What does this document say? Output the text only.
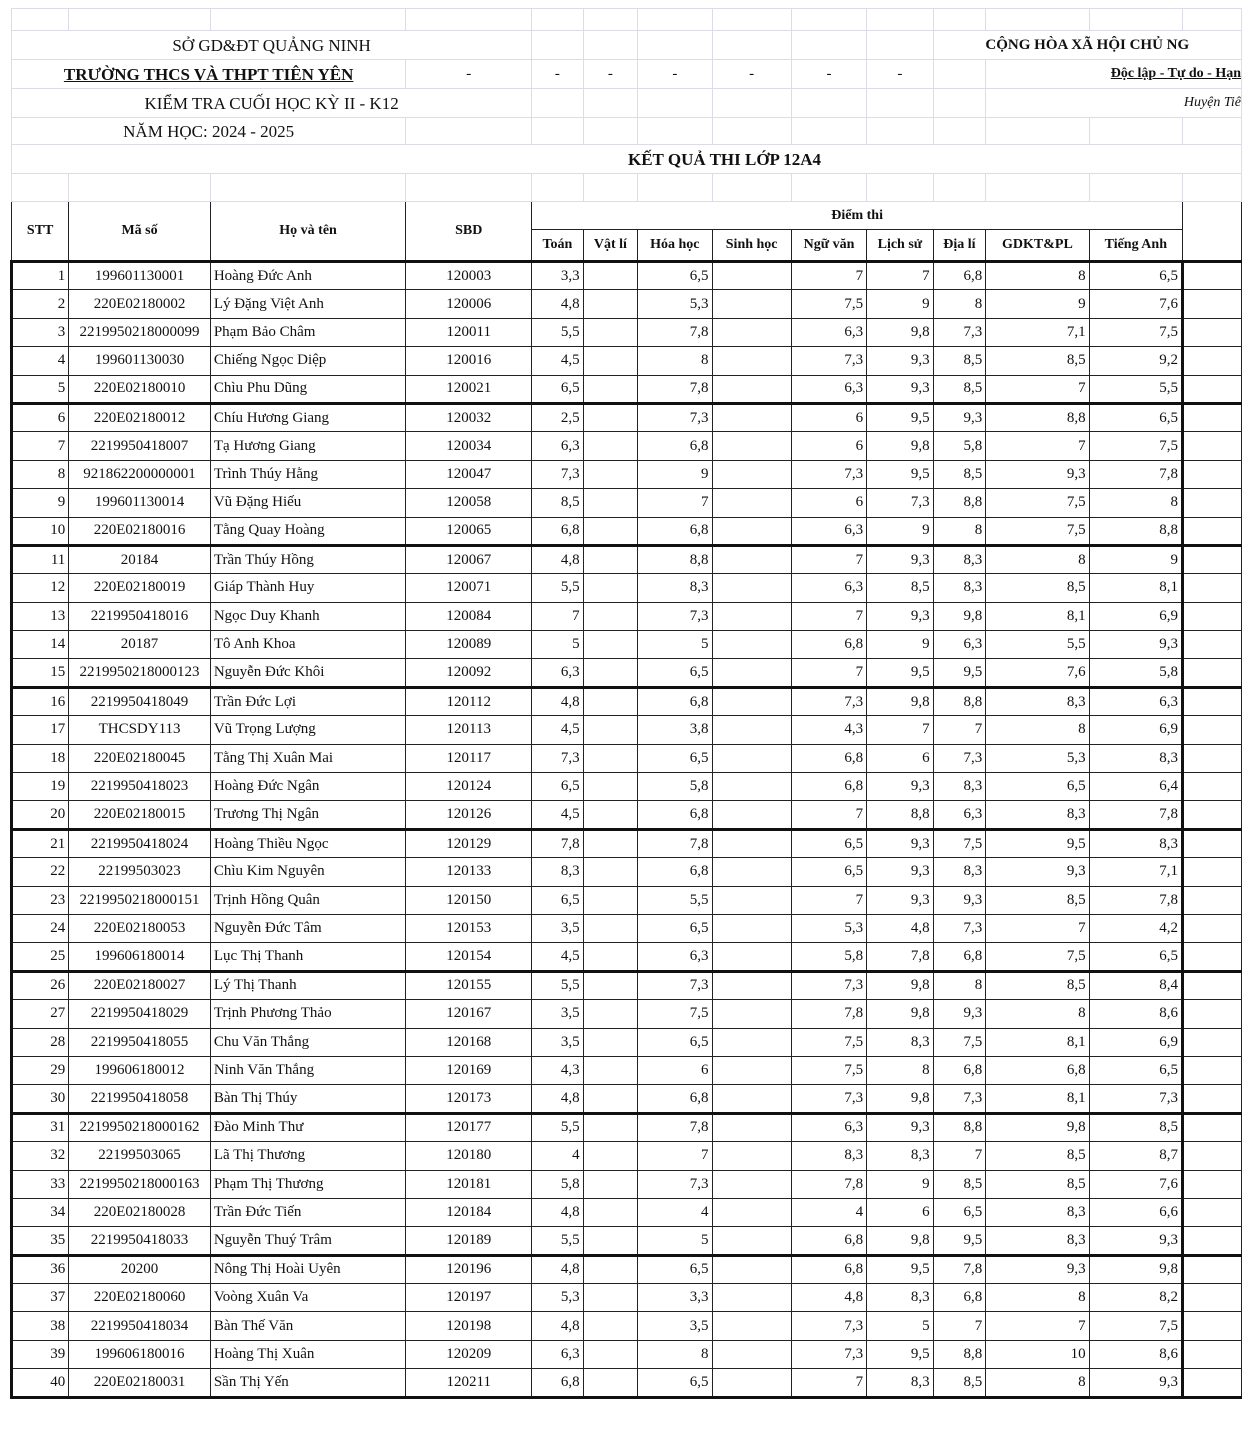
SỞ GD&ĐT QUẢNG NINH										CỘNG HÒA XÃ HỘI CHỦ NG			
TRƯỜNG THCS VÀ THPT TIÊN YÊN			-	-	-	-	-	-	-		Độc lập - Tự do - Hạn		
KIỂM TRA CUỐI HỌC KỲ II - K12											Huyện Tiê		
NĂM HỌC: 2024 - 2025													
KẾT QUẢ THI LỚP 12A4													

STT	Mã số	Họ và tên	SBD	Điểm thi									
				Toán	Vật lí	Hóa học	Sinh học	Ngữ văn	Lịch sử	Địa lí	GDKT&PL	Tiếng Anh	
1	199601130001	Hoàng Đức Anh	120003	3,3		6,5		7	7	6,8	8	6,5	
2	220E02180002	Lý Đặng Việt Anh	120006	4,8		5,3		7,5	9	8	9	7,6	
3	2219950218000099	Phạm Bảo Châm	120011	5,5		7,8		6,3	9,8	7,3	7,1	7,5	
4	199601130030	Chiếng Ngọc Diệp	120016	4,5		8		7,3	9,3	8,5	8,5	9,2	
5	220E02180010	Chìu Phu Dũng	120021	6,5		7,8		6,3	9,3	8,5	7	5,5	
6	220E02180012	Chíu Hương Giang	120032	2,5		7,3		6	9,5	9,3	8,8	6,5	
7	2219950418007	Tạ Hương Giang	120034	6,3		6,8		6	9,8	5,8	7	7,5	
8	921862200000001	Trình Thúy Hằng	120047	7,3		9		7,3	9,5	8,5	9,3	7,8	
9	199601130014	Vũ Đặng Hiếu	120058	8,5		7		6	7,3	8,8	7,5	8	
10	220E02180016	Tằng Quay Hoàng	120065	6,8		6,8		6,3	9	8	7,5	8,8	
11	20184	Trần Thúy Hồng	120067	4,8		8,8		7	9,3	8,3	8	9	
12	220E02180019	Giáp Thành Huy	120071	5,5		8,3		6,3	8,5	8,3	8,5	8,1	
13	2219950418016	Ngọc Duy Khanh	120084	7		7,3		7	9,3	9,8	8,1	6,9	
14	20187	Tô Anh Khoa	120089	5		5		6,8	9	6,3	5,5	9,3	
15	2219950218000123	Nguyễn Đức Khôi	120092	6,3		6,5		7	9,5	9,5	7,6	5,8	
16	2219950418049	Trần Đức Lợi	120112	4,8		6,8		7,3	9,8	8,8	8,3	6,3	
17	THCSDY113	Vũ Trọng Lượng	120113	4,5		3,8		4,3	7	7	8	6,9	
18	220E02180045	Tằng Thị Xuân Mai	120117	7,3		6,5		6,8	6	7,3	5,3	8,3	
19	2219950418023	Hoàng Đức Ngân	120124	6,5		5,8		6,8	9,3	8,3	6,5	6,4	
20	220E02180015	Trương Thị Ngân	120126	4,5		6,8		7	8,8	6,3	8,3	7,8	
21	2219950418024	Hoàng Thiều Ngọc	120129	7,8		7,8		6,5	9,3	7,5	9,5	8,3	
22	22199503023	Chìu Kim Nguyên	120133	8,3		6,8		6,5	9,3	8,3	9,3	7,1	
23	2219950218000151	Trịnh Hồng Quân	120150	6,5		5,5		7	9,3	9,3	8,5	7,8	
24	220E02180053	Nguyễn Đức Tâm	120153	3,5		6,5		5,3	4,8	7,3	7	4,2	
25	199606180014	Lục Thị Thanh	120154	4,5		6,3		5,8	7,8	6,8	7,5	6,5	
26	220E02180027	Lý Thị Thanh	120155	5,5		7,3		7,3	9,8	8	8,5	8,4	
27	2219950418029	Trịnh Phương Thảo	120167	3,5		7,5		7,8	9,8	9,3	8	8,6	
28	2219950418055	Chu Văn Thắng	120168	3,5		6,5		7,5	8,3	7,5	8,1	6,9	
29	199606180012	Ninh Văn Thắng	120169	4,3		6		7,5	8	6,8	6,8	6,5	
30	2219950418058	Bàn Thị Thúy	120173	4,8		6,8		7,3	9,8	7,3	8,1	7,3	
31	2219950218000162	Đào Minh Thư	120177	5,5		7,8		6,3	9,3	8,8	9,8	8,5	
32	22199503065	Lã Thị Thương	120180	4		7		8,3	8,3	7	8,5	8,7	
33	2219950218000163	Phạm Thị Thương	120181	5,8		7,3		7,8	9	8,5	8,5	7,6	
34	220E02180028	Trần Đức Tiến	120184	4,8		4		4	6	6,5	8,3	6,6	
35	2219950418033	Nguyễn Thuý Trâm	120189	5,5		5		6,8	9,8	9,5	8,3	9,3	
36	20200	Nông Thị Hoài Uyên	120196	4,8		6,5		6,8	9,5	7,8	9,3	9,8	
37	220E02180060	Voòng Xuân Va	120197	5,3		3,3		4,8	8,3	6,8	8	8,2	
38	2219950418034	Bàn Thế Văn	120198	4,8		3,5		7,3	5	7	7	7,5	
39	199606180016	Hoàng Thị Xuân	120209	6,3		8		7,3	9,5	8,8	10	8,6	
40	220E02180031	Sần Thị Yến	120211	6,8		6,5		7	8,3	8,5	8	9,3	
